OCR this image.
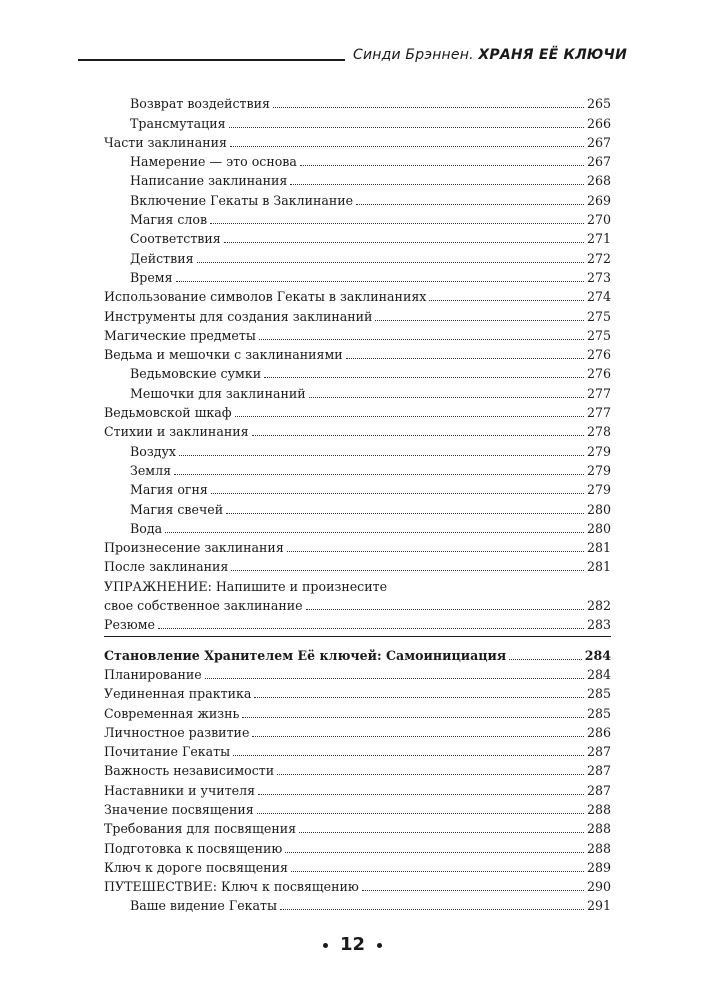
Синди Брэннен. ХРАНЯ ЕЁ КЛЮЧИ
Возврат воздействия	265
Трансмутация	266
Части заклинания	267
Намерение — это основа	267
Написание заклинания	268
Включение Гекаты в Заклинание	269
Магия слов	270
Соответствия	271
Действия	272
Время	273
Использование символов Гекаты в заклинаниях	274
Инструменты для создания заклинаний	275
Магические предметы	275
Ведьма и мешочки с заклинаниями	276
Ведьмовские сумки	276
Мешочки для заклинаний	277
Ведьмовской шкаф	277
Стихии и заклинания	278
Воздух	279
Земля	279
Магия огня	279
Магия свечей	280
Вода	280
Произнесение заклинания	281
После заклинания	281
УПРАЖНЕНИЕ: Напишите и произнесите
свое собственное заклинание	282
Резюме	283
Становление Хранителем Её ключей: Самоинициация	284
Планирование	284
Уединенная практика	285
Современная жизнь	285
Личностное развитие	286
Почитание Гекаты	287
Важность независимости	287
Наставники и учителя	287
Значение посвящения	288
Требования для посвящения	288
Подготовка к посвящению	288
Ключ к дороге посвящения	289
ПУТЕШЕСТВИЕ: Ключ к посвящению	290
Ваше видение Гекаты	291
12
